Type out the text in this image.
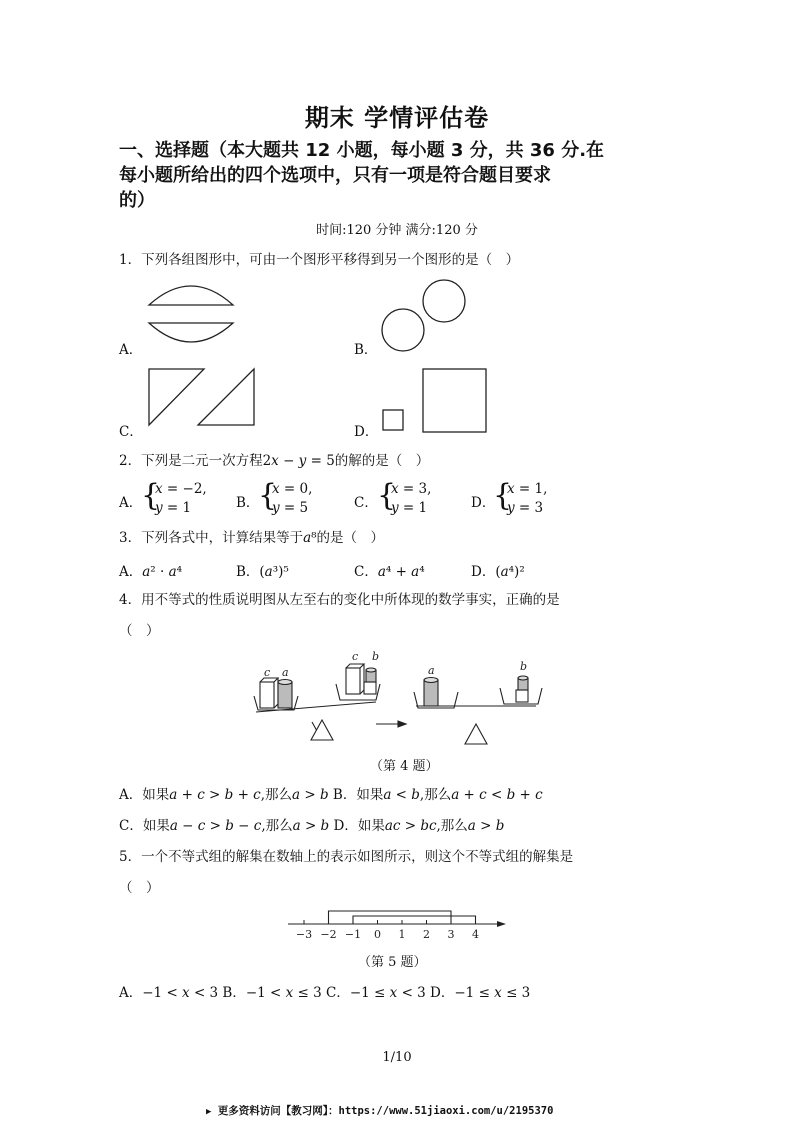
期末 学情评估卷
一、选择题（本大题共 12 小题，每小题 3 分，共 36 分.在
每小题所给出的四个选项中，只有一项是符合题目要求
的）
时间:120 分钟 满分:120 分
1．下列各组图形中，可由一个图形平移得到另一个图形的是（　）
A．	B．
C．	D．
2．下列是二元一次方程2𝑥 − 𝑦 = 5的解的是（　）
A．
{
𝑥 = −2,
𝑦 = 1	B．
{
𝑥 = 0,
𝑦 = 5	C． {
𝑥 = 3,
𝑦 = 1	D．
{
𝑥 = 1,
𝑦 = 3
3．下列各式中，计算结果等于𝑎⁸的是（　）
A．𝑎² · 𝑎⁴	B．(𝑎³)⁵	C．𝑎⁴ + 𝑎⁴	D．(𝑎⁴)²
4．用不等式的性质说明图从左至右的变化中所体现的数学事实，正确的是
（　）
c a
c b
a	b
（第 4 题）
A．如果𝑎 + 𝑐 > 𝑏 + 𝑐,那么𝑎 > 𝑏 B．如果𝑎 < 𝑏,那么𝑎 + 𝑐 < 𝑏 + 𝑐
C．如果𝑎 − 𝑐 > 𝑏 − 𝑐,那么𝑎 > 𝑏 D．如果𝑎𝑐 > 𝑏𝑐,那么𝑎 > 𝑏
5．一个不等式组的解集在数轴上的表示如图所示，则这个不等式组的解集是
（　）
−3 −2 −1 0 1 2 3 4
（第 5 题）
A．−1 < 𝑥 < 3 B．−1 < 𝑥 ≤ 3 C．−1 ≤ 𝑥 < 3 D．−1 ≤ 𝑥 ≤ 3
1/10
▶ 更多资料访问【教习网】：https://www.51jiaoxi.com/u/2195370
